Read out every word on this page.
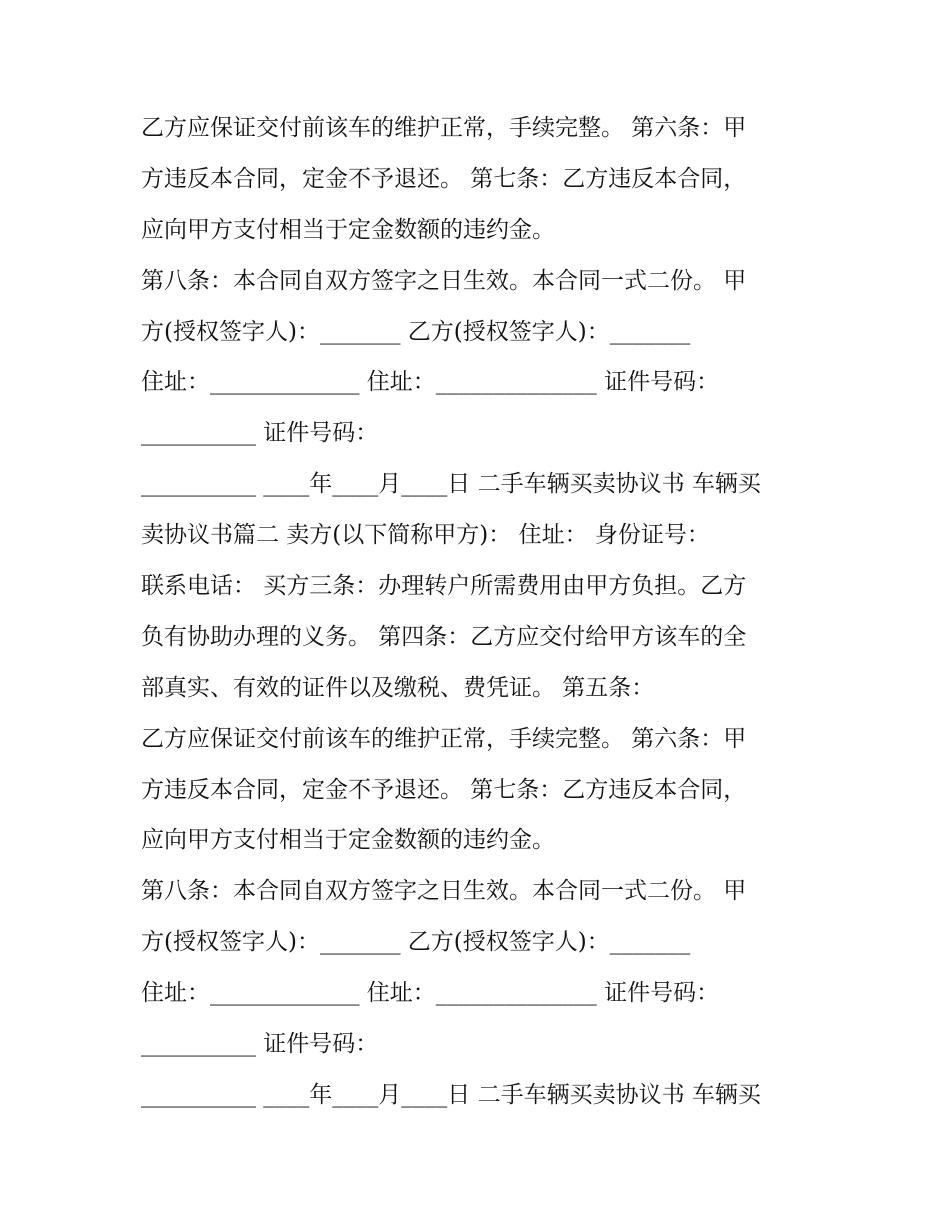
乙方应保证交付前该车的维护正常，手续完整。 第六条：甲
方违反本合同，定金不予退还。 第七条：乙方违反本合同，
应向甲方支付相当于定金数额的违约金。
第八条：本合同自双方签字之日生效。本合同一式二份。 甲
方(授权签字人)：_______ 乙方(授权签字人)：_______
住址：_____________ 住址：______________ 证件号码：
__________ 证件号码：
__________ ____年____月____日 二手车辆买卖协议书 车辆买
卖协议书篇二 卖方(以下简称甲方)： 住址： 身份证号：
联系电话： 买方三条：办理转户所需费用由甲方负担。乙方
负有协助办理的义务。 第四条：乙方应交付给甲方该车的全
部真实、有效的证件以及缴税、费凭证。 第五条：
乙方应保证交付前该车的维护正常，手续完整。 第六条：甲
方违反本合同，定金不予退还。 第七条：乙方违反本合同，
应向甲方支付相当于定金数额的违约金。
第八条：本合同自双方签字之日生效。本合同一式二份。 甲
方(授权签字人)：_______ 乙方(授权签字人)：_______
住址：_____________ 住址：______________ 证件号码：
__________ 证件号码：
__________ ____年____月____日 二手车辆买卖协议书 车辆买
